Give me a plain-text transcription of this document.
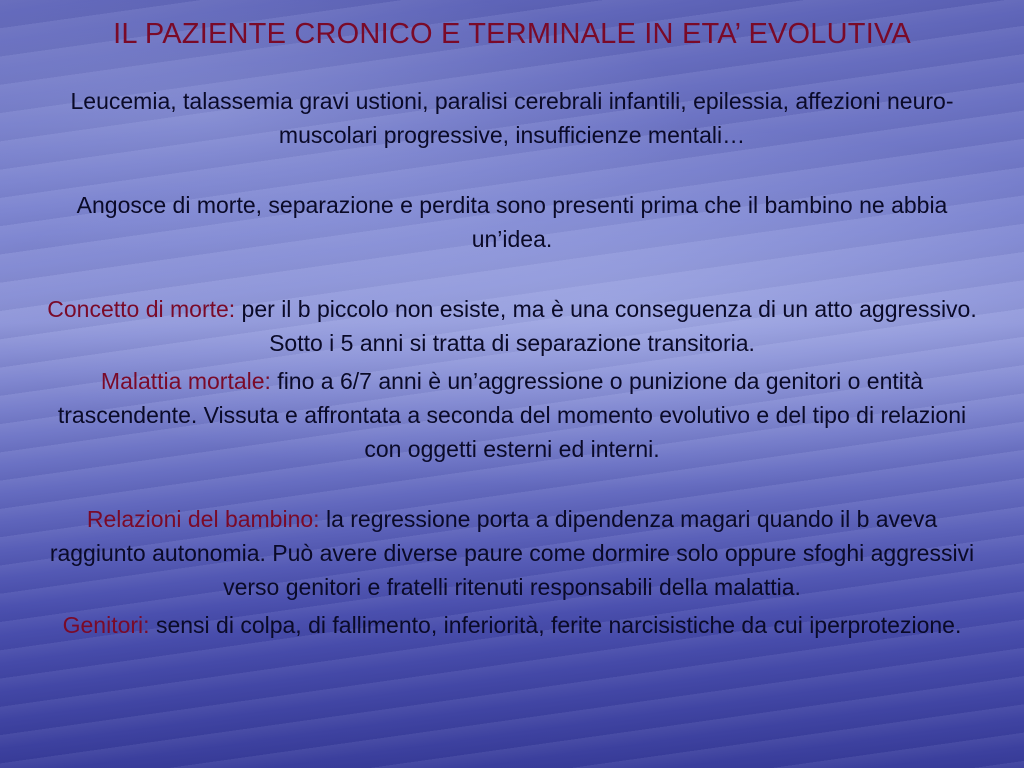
IL PAZIENTE CRONICO E TERMINALE IN ETA’ EVOLUTIVA

Leucemia, talassemia gravi ustioni, paralisi cerebrali infantili, epilessia, affezioni neuro-muscolari progressive, insufficienze mentali…

Angosce di morte, separazione e perdita sono presenti prima che il bambino ne abbia un’idea.

Concetto di morte: per il b piccolo non esiste, ma è una conseguenza di un atto aggressivo. Sotto i 5 anni si tratta di separazione transitoria.

Malattia mortale: fino a 6/7 anni è un’aggressione o punizione da genitori o entità trascendente. Vissuta e affrontata a seconda del momento evolutivo e del tipo di relazioni con oggetti esterni ed interni.

Relazioni del bambino: la regressione porta a dipendenza magari quando il b aveva raggiunto autonomia. Può avere diverse paure come dormire solo oppure sfoghi aggressivi verso genitori e fratelli ritenuti responsabili della malattia.

Genitori: sensi di colpa, di fallimento, inferiorità, ferite narcisistiche da cui iperprotezione.
